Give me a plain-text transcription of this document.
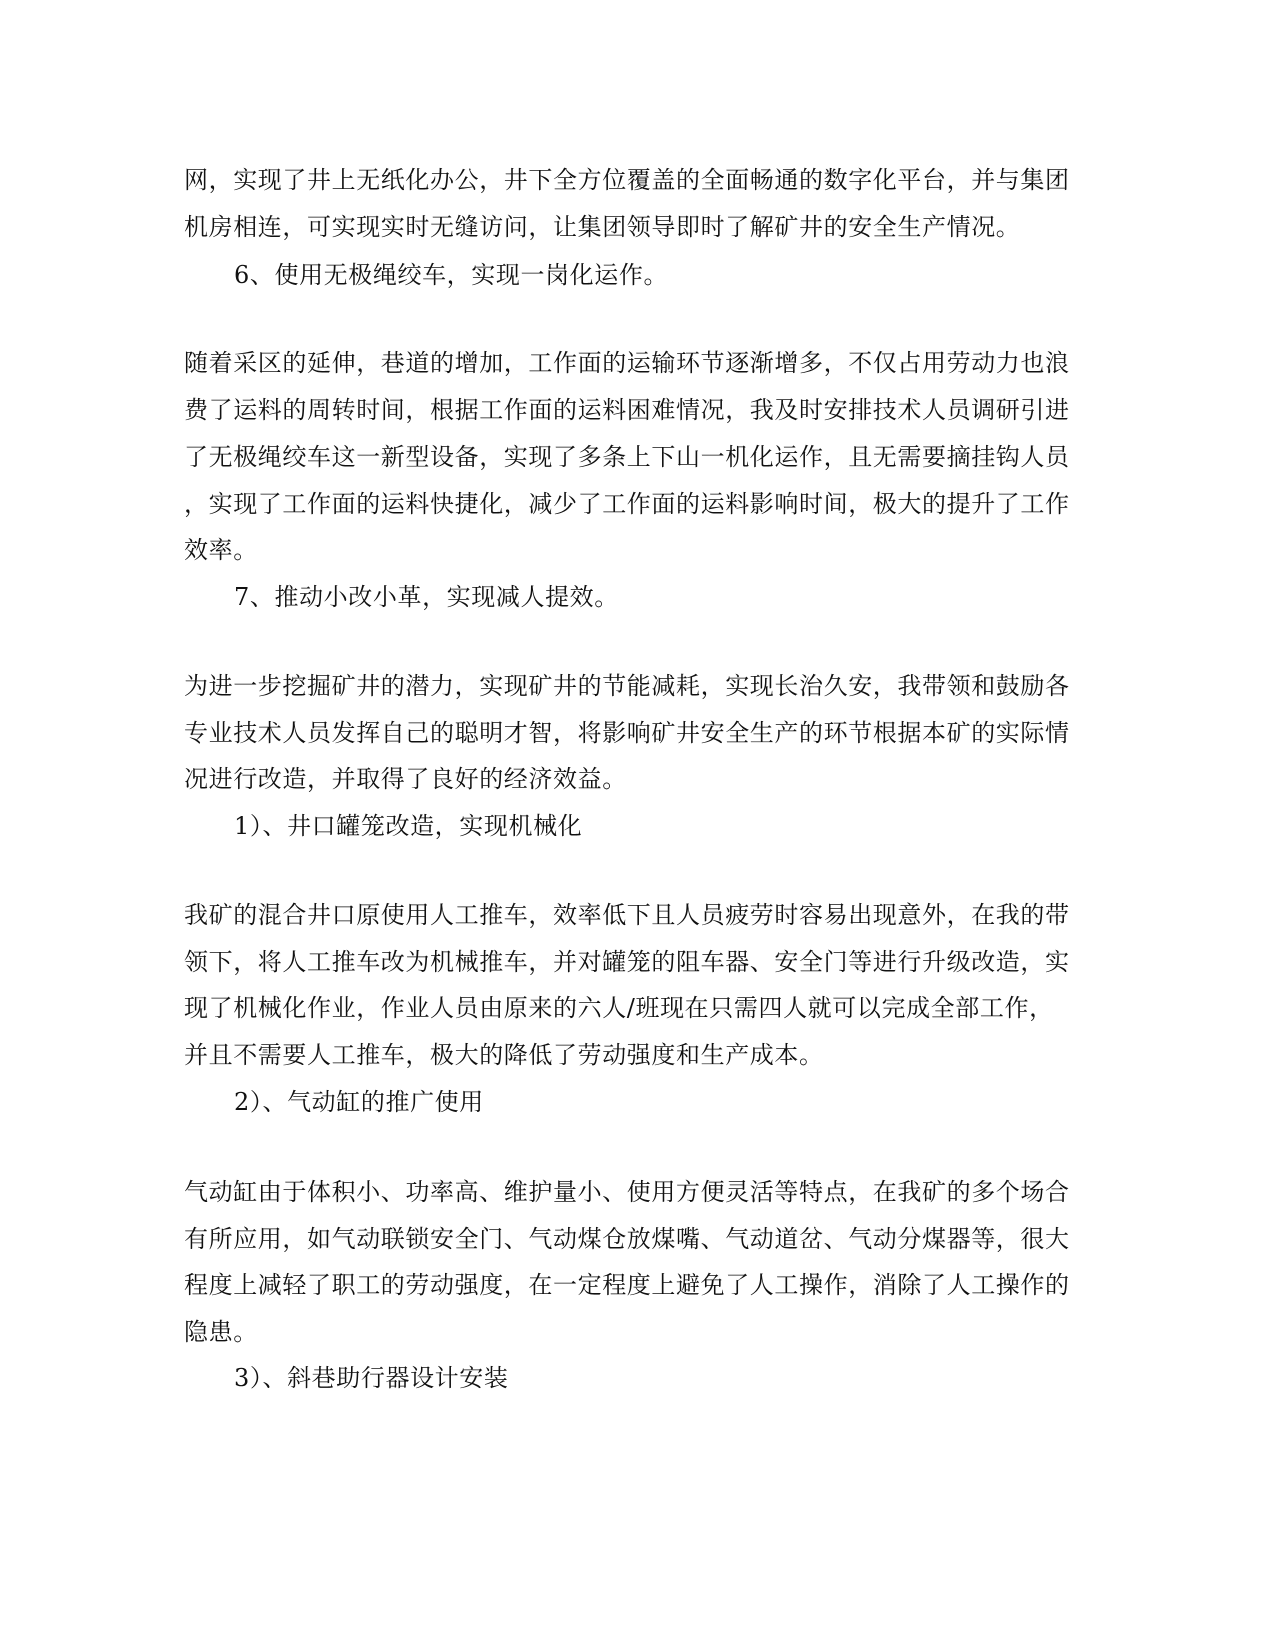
网，实现了井上无纸化办公，井下全方位覆盖的全面畅通的数字化平台，并与集团
机房相连，可实现实时无缝访问，让集团领导即时了解矿井的安全生产情况。
6、使用无极绳绞车，实现一岗化运作。
随着采区的延伸，巷道的增加，工作面的运输环节逐渐增多，不仅占用劳动力也浪
费了运料的周转时间，根据工作面的运料困难情况，我及时安排技术人员调研引进
了无极绳绞车这一新型设备，实现了多条上下山一机化运作，且无需要摘挂钩人员
，实现了工作面的运料快捷化，减少了工作面的运料影响时间，极大的提升了工作
效率。
7、推动小改小革，实现减人提效。
为进一步挖掘矿井的潜力，实现矿井的节能减耗，实现长治久安，我带领和鼓励各
专业技术人员发挥自己的聪明才智，将影响矿井安全生产的环节根据本矿的实际情
况进行改造，并取得了良好的经济效益。
1）、井口罐笼改造，实现机械化
我矿的混合井口原使用人工推车，效率低下且人员疲劳时容易出现意外，在我的带
领下，将人工推车改为机械推车，并对罐笼的阻车器、安全门等进行升级改造，实
现了机械化作业，作业人员由原来的六人/班现在只需四人就可以完成全部工作，
并且不需要人工推车，极大的降低了劳动强度和生产成本。
2）、气动缸的推广使用
气动缸由于体积小、功率高、维护量小、使用方便灵活等特点，在我矿的多个场合
有所应用，如气动联锁安全门、气动煤仓放煤嘴、气动道岔、气动分煤器等，很大
程度上减轻了职工的劳动强度，在一定程度上避免了人工操作，消除了人工操作的
隐患。
3）、斜巷助行器设计安装
